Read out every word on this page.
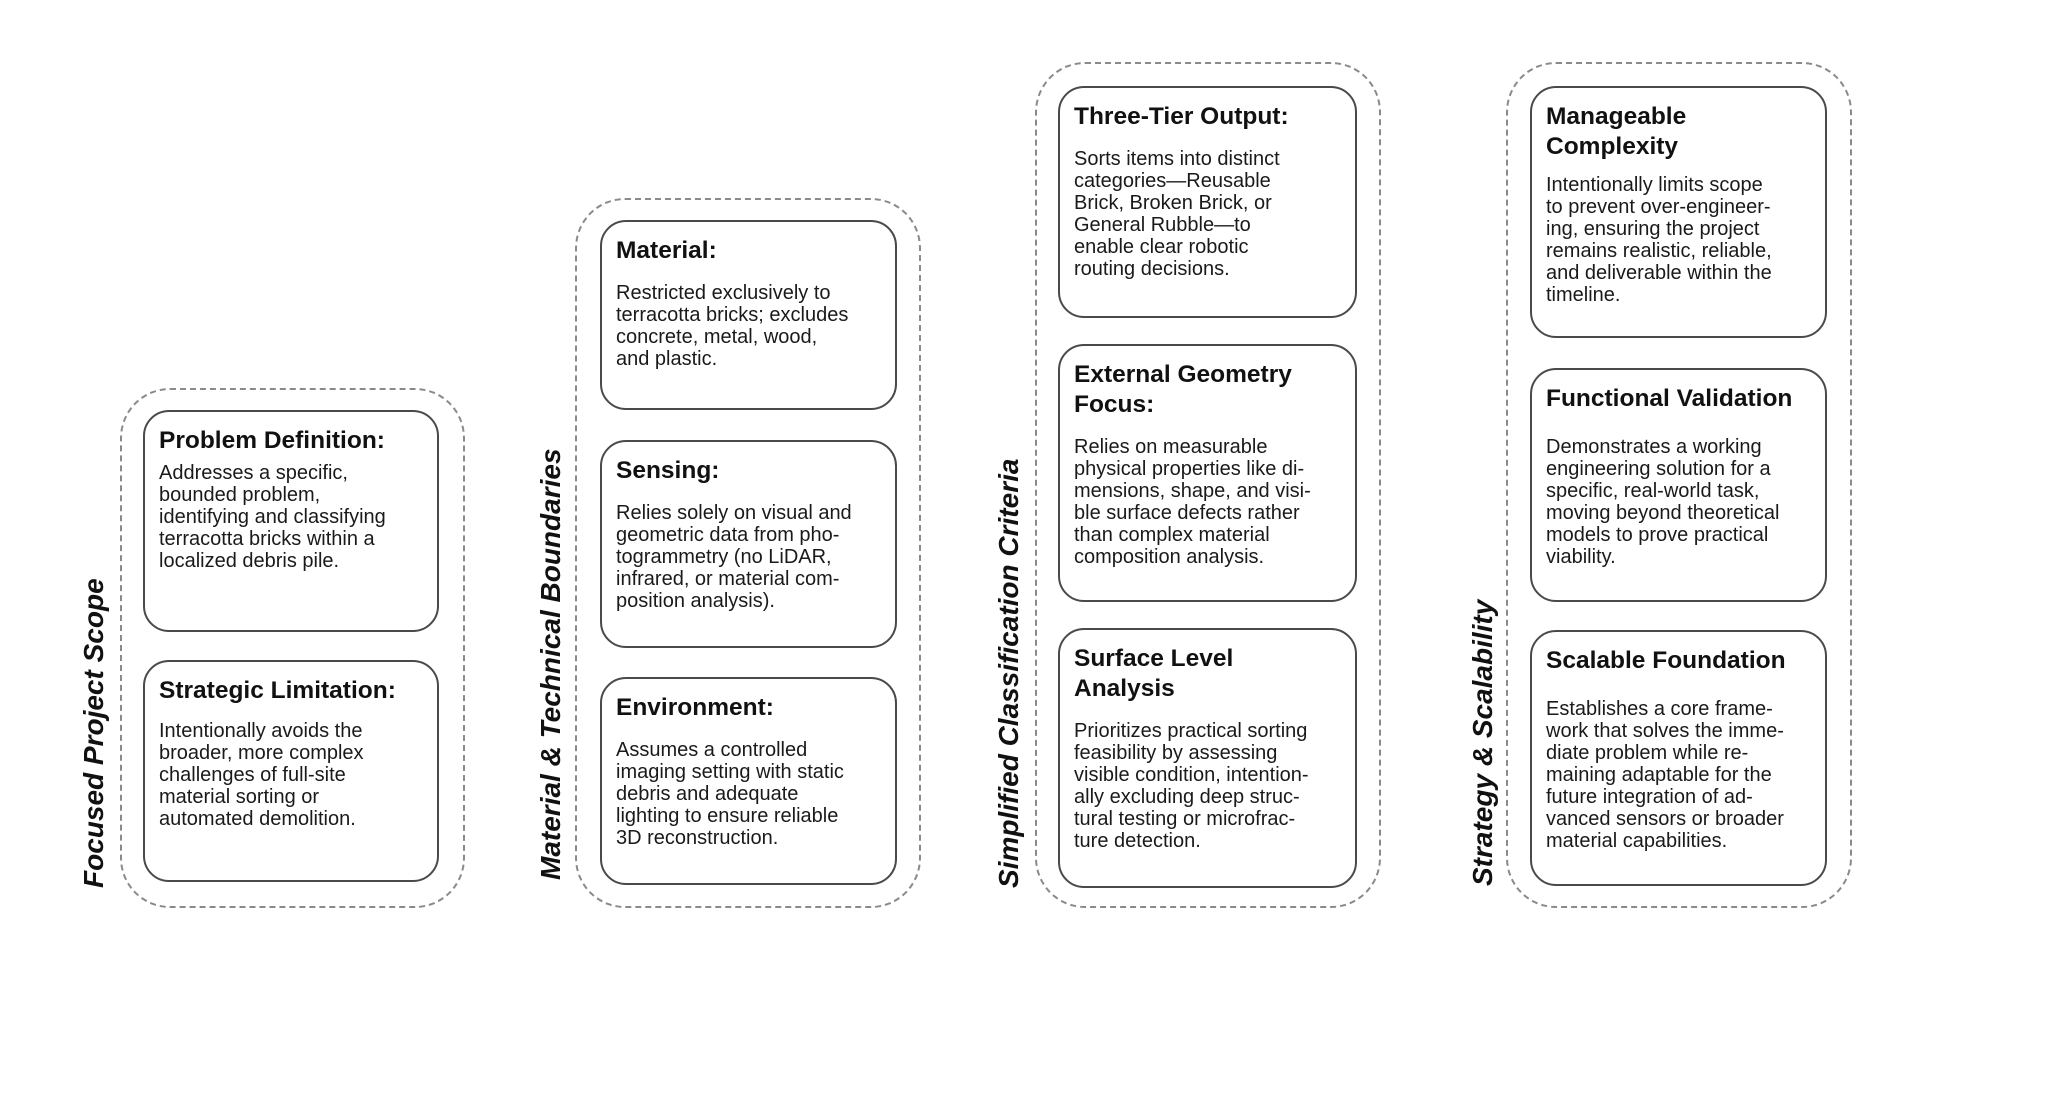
Focused Project Scope
Problem Definition:

Addresses a specific,
bounded problem,
identifying and classifying
terracotta bricks within a
localized debris pile.

Strategic Limitation:

Intentionally avoids the
broader, more complex
challenges of full-site
material sorting or
automated demolition.	Material & Technical Boundaries
Material:

Restricted exclusively to
terracotta bricks; excludes
concrete, metal, wood,
and plastic.

Sensing:

Relies solely on visual and
geometric data from pho-
togrammetry (no LiDAR,
infrared, or material com-
position analysis).

Environment:

Assumes a controlled
imaging setting with static
debris and adequate
lighting to ensure reliable
3D reconstruction.	Simplified Classification Criteria
Three-Tier Output:

Sorts items into distinct
categories—Reusable
Brick, Broken Brick, or
General Rubble—to
enable clear robotic
routing decisions.

External Geometry
Focus:

Relies on measurable
physical properties like di-
mensions, shape, and visi-
ble surface defects rather
than complex material
composition analysis.

Surface Level
Analysis

Prioritizes practical sorting
feasibility by assessing
visible condition, intention-
ally excluding deep struc-
tural testing or microfrac-
ture detection.	Strategy & Scalability
Manageable
Complexity

Intentionally limits scope
to prevent over-engineer-
ing, ensuring the project
remains realistic, reliable,
and deliverable within the
timeline.

Functional Validation

Demonstrates a working
engineering solution for a
specific, real-world task,
moving beyond theoretical
models to prove practical
viability.

Scalable Foundation

Establishes a core frame-
work that solves the imme-
diate problem while re-
maining adaptable for the
future integration of ad-
vanced sensors or broader
material capabilities.
